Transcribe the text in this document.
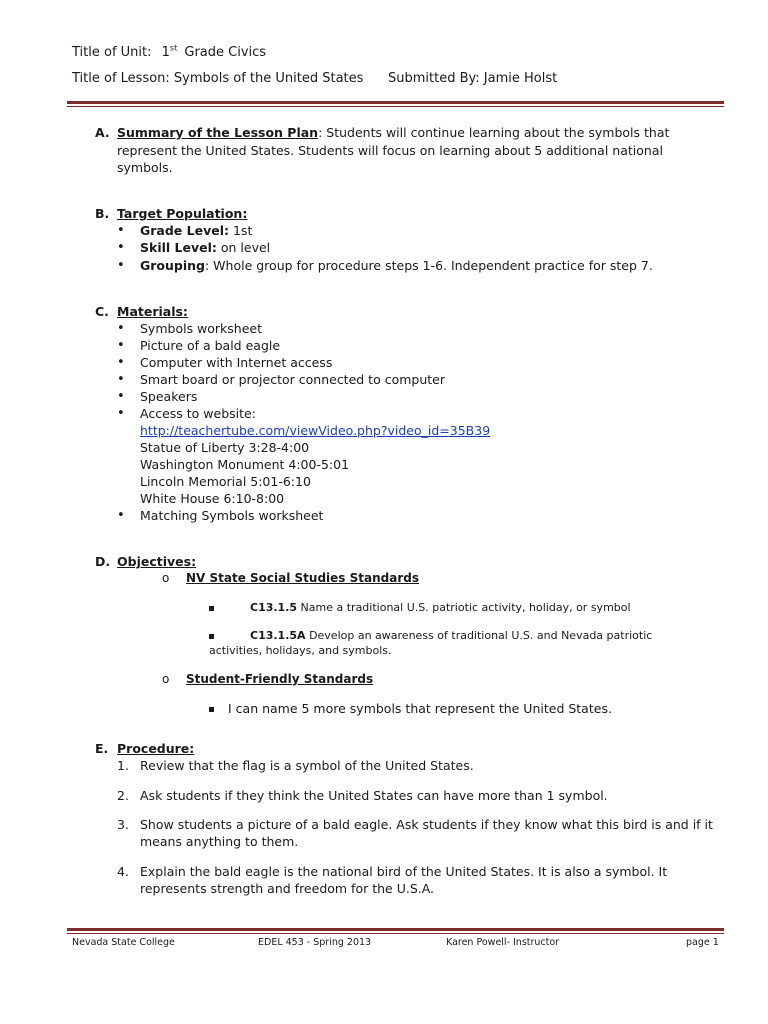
Title of Unit: 1st Grade Civics
Title of Lesson: Symbols of the United States Submitted By: Jamie Holst
A. Summary of the Lesson Plan: Students will continue learning about the symbols that
represent the United States. Students will focus on learning about 5 additional national
symbols.
B. Target Population:
Grade Level: 1st
Skill Level: on level
Grouping: Whole group for procedure steps 1-6. Independent practice for step 7.
C. Materials:
Symbols worksheet
Picture of a bald eagle
Computer with Internet access
Smart board or projector connected to computer
Speakers
Access to website:
http://teachertube.com/viewVideo.php?video_id=35B39
Statue of Liberty 3:28-4:00
Washington Monument 4:00-5:01
Lincoln Memorial 5:01-6:10
White House 6:10-8:00
Matching Symbols worksheet
D. Objectives:
o NV State Social Studies Standards
C13.1.5 Name a traditional U.S. patriotic activity, holiday, or symbol
C13.1.5A Develop an awareness of traditional U.S. and Nevada patriotic
activities, holidays, and symbols.
o Student-Friendly Standards
I can name 5 more symbols that represent the United States.
E. Procedure:
1. Review that the flag is a symbol of the United States.
2. Ask students if they think the United States can have more than 1 symbol.
3. Show students a picture of a bald eagle. Ask students if they know what this bird is and if it means anything to them.
4. Explain the bald eagle is the national bird of the United States. It is also a symbol. It represents strength and freedom for the U.S.A.
Nevada State College	EDEL 453 - Spring 2013	Karen Powell- Instructor	page 1
